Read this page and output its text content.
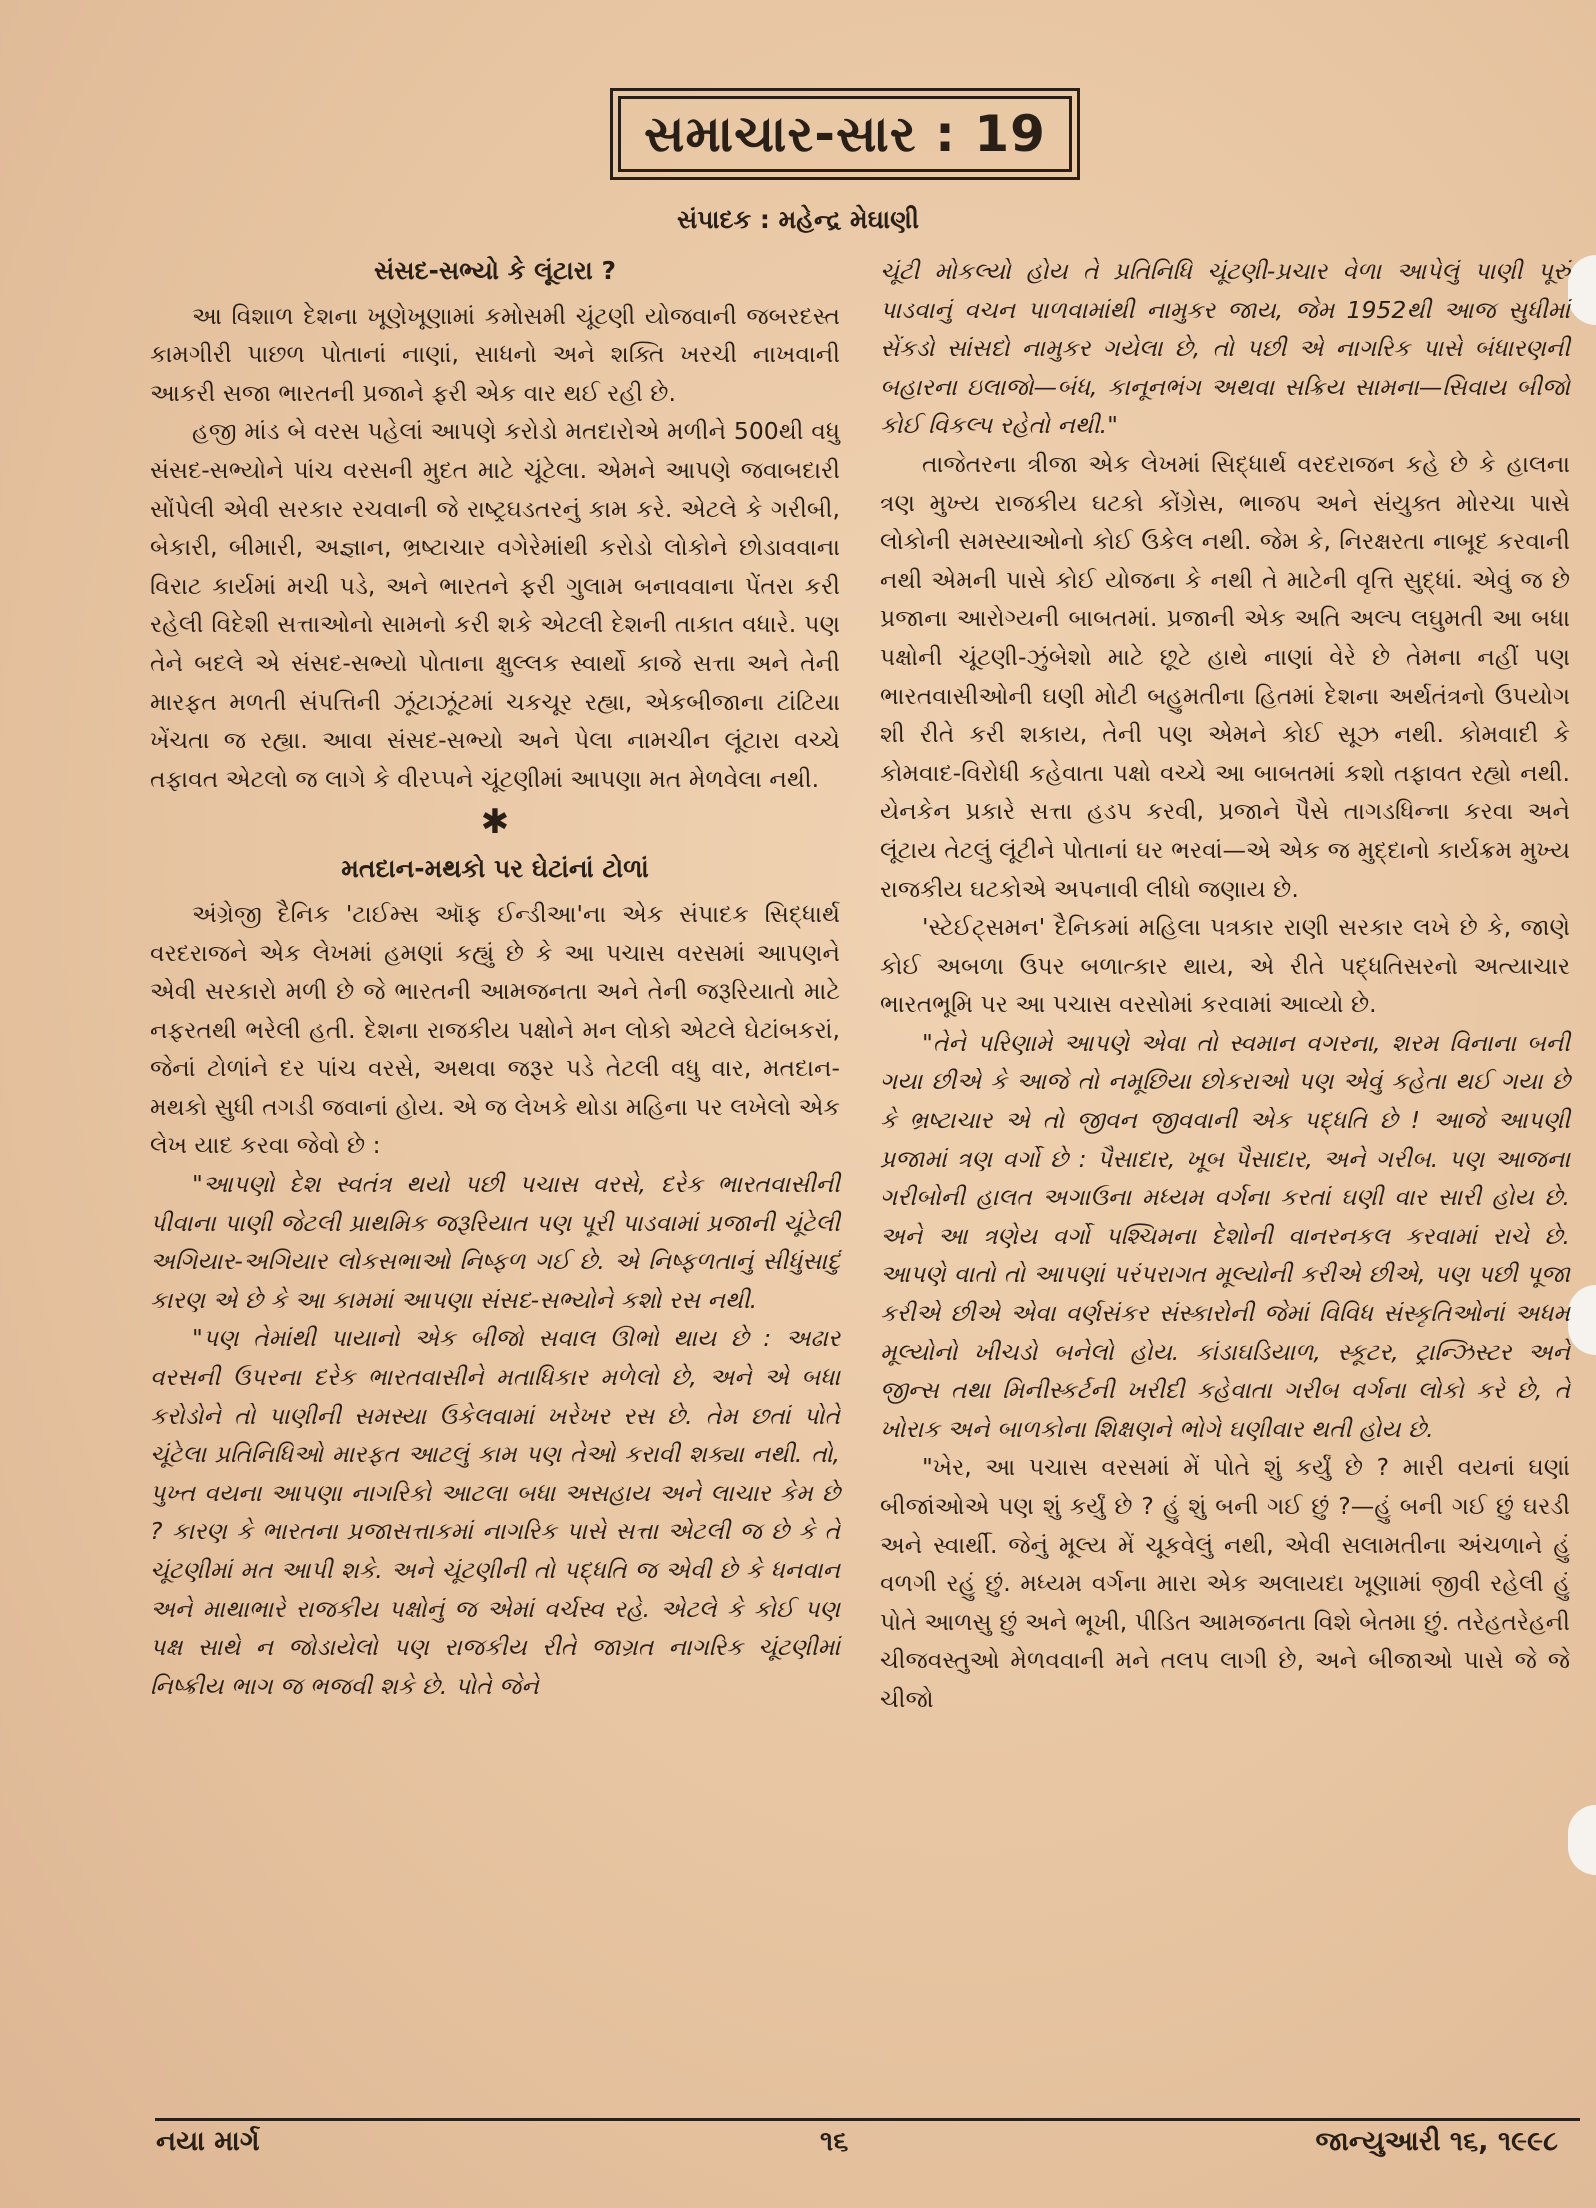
સમાચાર-સાર : 19
સંપાદક : મહેન્દ્ર મેઘાણી
સંસદ-સભ્યો કે લૂંટારા ?

આ વિશાળ દેશના ખૂણેખૂણામાં કમોસમી ચૂંટણી યોજવાની જબરદસ્ત કામગીરી પાછળ પોતાનાં નાણાં, સાધનો અને શક્તિ ખરચી નાખવાની આકરી સજા ભારતની પ્રજાને ફરી એક વાર થઈ રહી છે.

હજી માંડ બે વરસ પહેલાં આપણે કરોડો મતદારોએ મળીને 500થી વધુ સંસદ-સભ્યોને પાંચ વરસની મુદત માટે ચૂંટેલા. એમને આપણે જવાબદારી સોંપેલી એવી સરકાર રચવાની જે રાષ્ટ્રઘડતરનું કામ કરે. એટલે કે ગરીબી, બેકારી, બીમારી, અજ્ઞાન, ભ્રષ્ટાચાર વગેરેમાંથી કરોડો લોકોને છોડાવવાના વિરાટ કાર્યમાં મચી પડે, અને ભારતને ફરી ગુલામ બનાવવાના પેંતરા કરી રહેલી વિદેશી સત્તાઓનો સામનો કરી શકે એટલી દેશની તાકાત વધારે. પણ તેને બદલે એ સંસદ-સભ્યો પોતાના ક્ષુલ્લક સ્વાર્થો કાજે સત્તા અને તેની મારફત મળતી સંપત્તિની ઝૂંટાઝૂંટમાં ચકચૂર રહ્યા, એકબીજાના ટાંટિયા ખેંચતા જ રહ્યા. આવા સંસદ-સભ્યો અને પેલા નામચીન લૂંટારા વચ્ચે તફાવત એટલો જ લાગે કે વીરપ્પને ચૂંટણીમાં આપણા મત મેળવેલા નથી.

✱
મતદાન-મથકો પર ઘેટાંનાં ટોળાં

અંગ્રેજી દૈનિક 'ટાઈમ્સ ઑફ ઈન્ડીઆ'ના એક સંપાદક સિદ્ધાર્થ વરદરાજને એક લેખમાં હમણાં કહ્યું છે કે આ પચાસ વરસમાં આપણને એવી સરકારો મળી છે જે ભારતની આમજનતા અને તેની જરૂરિયાતો માટે નફરતથી ભરેલી હતી. દેશના રાજકીય પક્ષોને મન લોકો એટલે ઘેટાંબકરાં, જેનાં ટોળાંને દર પાંચ વરસે, અથવા જરૂર પડે તેટલી વધુ વાર, મતદાન-મથકો સુધી તગડી જવાનાં હોય. એ જ લેખકે થોડા મહિના પર લખેલો એક લેખ યાદ કરવા જેવો છે :

"આપણો દેશ સ્વતંત્ર થયો પછી પચાસ વરસે, દરેક ભારતવાસીની પીવાના પાણી જેટલી પ્રાથમિક જરૂરિયાત પણ પૂરી પાડવામાં પ્રજાની ચૂંટેલી અગિયાર-અગિયાર લોકસભાઓ નિષ્ફળ ગઈ છે. એ નિષ્ફળતાનું સીધુંસાદું કારણ એ છે કે આ કામમાં આપણા સંસદ-સભ્યોને કશો રસ નથી.

"પણ તેમાંથી પાયાનો એક બીજો સવાલ ઊભો થાય છે : અઢાર વરસની ઉપરના દરેક ભારતવાસીને મતાધિકાર મળેલો છે, અને એ બધા કરોડોને તો પાણીની સમસ્યા ઉકેલવામાં ખરેખર રસ છે. તેમ છતાં પોતે ચૂંટેલા પ્રતિનિધિઓ મારફત આટલું કામ પણ તેઓ કરાવી શક્યા નથી. તો, પુખ્ત વયના આપણા નાગરિકો આટલા બધા અસહાય અને લાચાર કેમ છે ? કારણ કે ભારતના પ્રજાસત્તાકમાં નાગરિક પાસે સત્તા એટલી જ છે કે તે ચૂંટણીમાં મત આપી શકે. અને ચૂંટણીની તો પદ્ધતિ જ એવી છે કે ધનવાન અને માથાભારે રાજકીય પક્ષોનું જ એમાં વર્ચસ્વ રહે. એટલે કે કોઈ પણ પક્ષ સાથે ન જોડાયેલો પણ રાજકીય રીતે જાગ્રત નાગરિક ચૂંટણીમાં નિષ્ક્રીય ભાગ જ ભજવી શકે છે. પોતે જેને

ચૂંટી મોકલ્યો હોય તે પ્રતિનિધિ ચૂંટણી-પ્રચાર વેળા આપેલું પાણી પૂરું પાડવાનું વચન પાળવામાંથી નામુકર જાય, જેમ 1952થી આજ સુધીમાં સેંકડો સાંસદો નામુકર ગયેલા છે, તો પછી એ નાગરિક પાસે બંધારણની બહારના ઇલાજો—બંધ, કાનૂનભંગ અથવા સક્રિય સામના—સિવાય બીજો કોઈ વિકલ્પ રહેતો નથી."

તાજેતરના ત્રીજા એક લેખમાં સિદ્ધાર્થ વરદરાજન કહે છે કે હાલના ત્રણ મુખ્ય રાજકીય ઘટકો કોંગ્રેસ, ભાજપ અને સંયુક્ત મોરચા પાસે લોકોની સમસ્યાઓનો કોઈ ઉકેલ નથી. જેમ કે, નિરક્ષરતા નાબૂદ કરવાની નથી એમની પાસે કોઈ યોજના કે નથી તે માટેની વૃત્તિ સુદ્ધાં. એવું જ છે પ્રજાના આરોગ્યની બાબતમાં. પ્રજાની એક અતિ અલ્પ લઘુમતી આ બધા પક્ષોની ચૂંટણી-ઝુંબેશો માટે છૂટે હાથે નાણાં વેરે છે તેમના નહીં પણ ભારતવાસીઓની ઘણી મોટી બહુમતીના હિતમાં દેશના અર્થતંત્રનો ઉપયોગ શી રીતે કરી શકાય, તેની પણ એમને કોઈ સૂઝ નથી. કોમવાદી કે કોમવાદ-વિરોધી કહેવાતા પક્ષો વચ્ચે આ બાબતમાં કશો તફાવત રહ્યો નથી. યેનકેન પ્રકારે સત્તા હડપ કરવી, પ્રજાને પૈસે તાગડધિન્ના કરવા અને લૂંટાય તેટલું લૂંટીને પોતાનાં ઘર ભરવાં—એ એક જ મુદ્દાનો કાર્યક્રમ મુખ્ય રાજકીય ઘટકોએ અપનાવી લીધો જણાય છે.

'સ્ટેઈટ્સમન' દૈનિકમાં મહિલા પત્રકાર રાણી સરકાર લખે છે કે, જાણે કોઈ અબળા ઉપર બળાત્કાર થાય, એ રીતે પદ્ધતિસરનો અત્યાચાર ભારતભૂમિ પર આ પચાસ વરસોમાં કરવામાં આવ્યો છે.

"તેને પરિણામે આપણે એવા તો સ્વમાન વગરના, શરમ વિનાના બની ગયા છીએ કે આજે તો નમૂછિયા છોકરાઓ પણ એવું કહેતા થઈ ગયા છે કે ભ્રષ્ટાચાર એ તો જીવન જીવવાની એક પદ્ધતિ છે ! આજે આપણી પ્રજામાં ત્રણ વર્ગો છે : પૈસાદાર, ખૂબ પૈસાદાર, અને ગરીબ. પણ આજના ગરીબોની હાલત અગાઉના મધ્યમ વર્ગના કરતાં ઘણી વાર સારી હોય છે. અને આ ત્રણેય વર્ગો પશ્ચિમના દેશોની વાનરનકલ કરવામાં રાચે છે. આપણે વાતો તો આપણાં પરંપરાગત મૂલ્યોની કરીએ છીએ, પણ પછી પૂજા કરીએ છીએ એવા વર્ણસંકર સંસ્કારોની જેમાં વિવિધ સંસ્કૃતિઓનાં અધમ મૂલ્યોનો ખીચડો બનેલો હોય. કાંડાઘડિયાળ, સ્કૂટર, ટ્રાન્ઝિસ્ટર અને જીન્સ તથા મિનીસ્કર્ટની ખરીદી કહેવાતા ગરીબ વર્ગના લોકો કરે છે, તે ખોરાક અને બાળકોના શિક્ષણને ભોગે ઘણીવાર થતી હોય છે.

"ખેર, આ પચાસ વરસમાં મેં પોતે શું કર્યું છે ? મારી વયનાં ઘણાં બીજાંઓએ પણ શું કર્યું છે ? હું શું બની ગઈ છું ?—હું બની ગઈ છું ઘરડી અને સ્વાર્થી. જેનું મૂલ્ય મેં ચૂકવેલું નથી, એવી સલામતીના અંચળાને હું વળગી રહું છું. મધ્યમ વર્ગના મારા એક અલાયદા ખૂણામાં જીવી રહેલી હું પોતે આળસુ છું અને ભૂખી, પીડિત આમજનતા વિશે બેતમા છું. તરેહતરેહની ચીજવસ્તુઓ મેળવવાની મને તલપ લાગી છે, અને બીજાઓ પાસે જે જે ચીજો

નયા માર્ગ	૧૬	જાન્યુઆરી ૧૬, ૧૯૯૮
